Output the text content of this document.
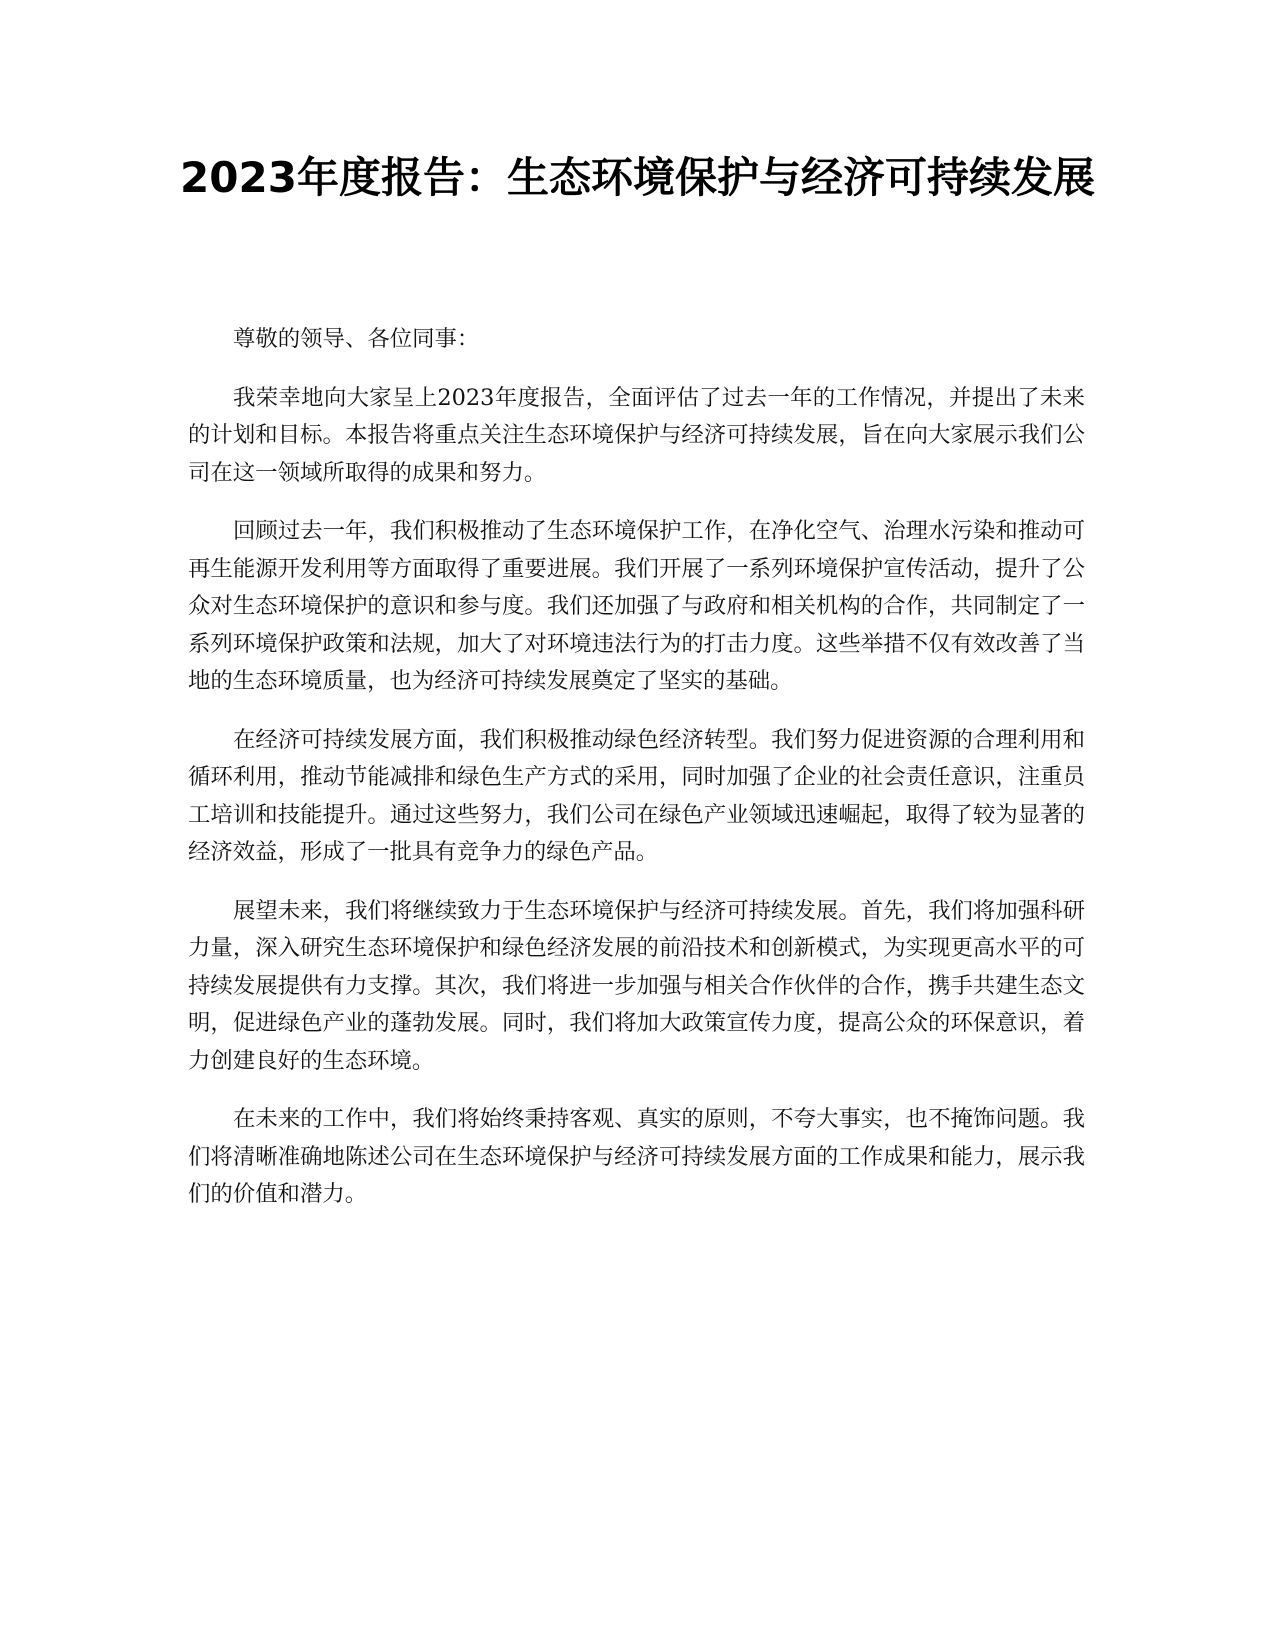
2023年度报告：生态环境保护与经济可持续发展

尊敬的领导、各位同事：

我荣幸地向大家呈上2023年度报告，全面评估了过去一年的工作情况，并提出了未来的计划和目标。本报告将重点关注生态环境保护与经济可持续发展，旨在向大家展示我们公司在这一领域所取得的成果和努力。

回顾过去一年，我们积极推动了生态环境保护工作，在净化空气、治理水污染和推动可再生能源开发利用等方面取得了重要进展。我们开展了一系列环境保护宣传活动，提升了公众对生态环境保护的意识和参与度。我们还加强了与政府和相关机构的合作，共同制定了一系列环境保护政策和法规，加大了对环境违法行为的打击力度。这些举措不仅有效改善了当地的生态环境质量，也为经济可持续发展奠定了坚实的基础。

在经济可持续发展方面，我们积极推动绿色经济转型。我们努力促进资源的合理利用和循环利用，推动节能减排和绿色生产方式的采用，同时加强了企业的社会责任意识，注重员工培训和技能提升。通过这些努力，我们公司在绿色产业领域迅速崛起，取得了较为显著的经济效益，形成了一批具有竞争力的绿色产品。

展望未来，我们将继续致力于生态环境保护与经济可持续发展。首先，我们将加强科研力量，深入研究生态环境保护和绿色经济发展的前沿技术和创新模式，为实现更高水平的可持续发展提供有力支撑。其次，我们将进一步加强与相关合作伙伴的合作，携手共建生态文明，促进绿色产业的蓬勃发展。同时，我们将加大政策宣传力度，提高公众的环保意识，着力创建良好的生态环境。

在未来的工作中，我们将始终秉持客观、真实的原则，不夸大事实，也不掩饰问题。我们将清晰准确地陈述公司在生态环境保护与经济可持续发展方面的工作成果和能力，展示我们的价值和潜力。
